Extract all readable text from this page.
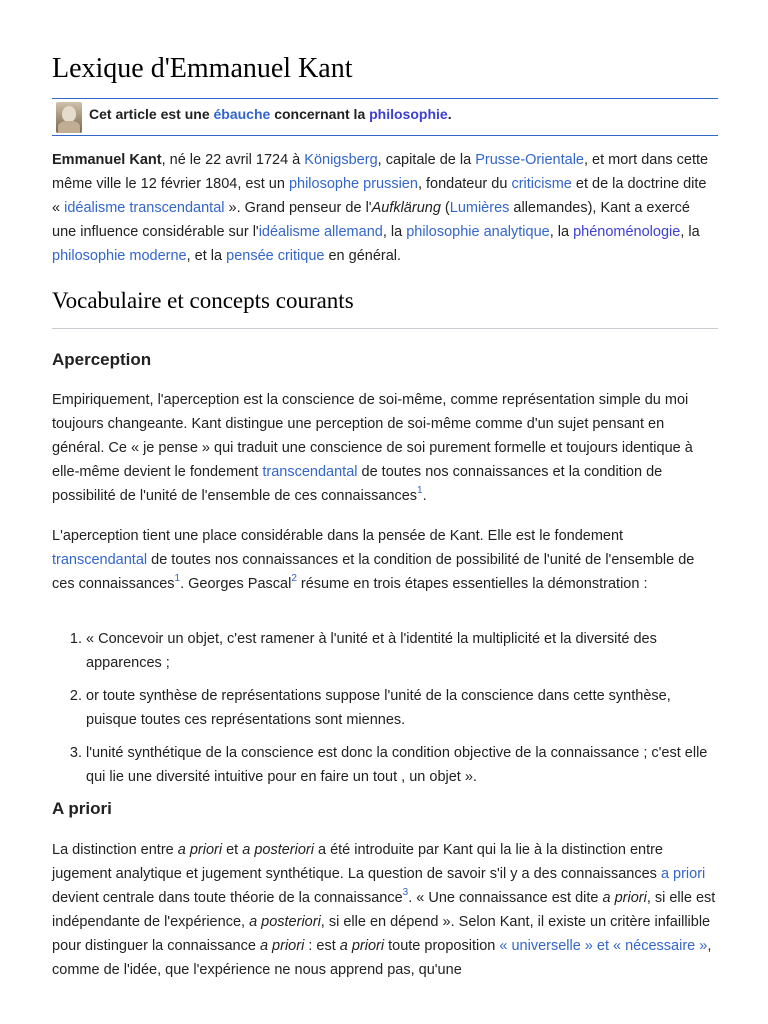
Lexique d'Emmanuel Kant
Cet article est une ébauche concernant la philosophie.

Emmanuel Kant, né le 22 avril 1724 à Königsberg, capitale de la Prusse-Orientale, et mort dans cette même ville le 12 février 1804, est un philosophe prussien, fondateur du criticisme et de la doctrine dite « idéalisme transcendantal ». Grand penseur de l'Aufklärung (Lumières allemandes), Kant a exercé une influence considérable sur l'idéalisme allemand, la philosophie analytique, la phénoménologie, la philosophie moderne, et la pensée critique en général.

Vocabulaire et concepts courants
Aperception

Empiriquement, l'aperception est la conscience de soi-même, comme représentation simple du moi toujours changeante. Kant distingue une perception de soi-même comme d'un sujet pensant en général. Ce « je pense » qui traduit une conscience de soi purement formelle et toujours identique à elle-même devient le fondement transcendantal de toutes nos connaissances et la condition de possibilité de l'unité de l'ensemble de ces connaissances$^1$.

L'aperception tient une place considérable dans la pensée de Kant. Elle est le fondement transcendantal de toutes nos connaissances et la condition de possibilité de l'unité de l'ensemble de ces connaissances$^1$. Georges Pascal$^2$ résume en trois étapes essentielles la démonstration :

1. « Concevoir un objet, c'est ramener à l'unité et à l'identité la multiplicité et la diversité des apparences ;
2. or toute synthèse de représentations suppose l'unité de la conscience dans cette synthèse, puisque toutes ces représentations sont miennes.
3. l'unité synthétique de la conscience est donc la condition objective de la connaissance ; c'est elle qui lie une diversité intuitive pour en faire un tout , un objet ».
A priori

La distinction entre a priori et a posteriori a été introduite par Kant qui la lie à la distinction entre jugement analytique et jugement synthétique. La question de savoir s'il y a des connaissances a priori devient centrale dans toute théorie de la connaissance$^3$. « Une connaissance est dite a priori, si elle est indépendante de l'expérience, a posteriori, si elle en dépend ». Selon Kant, il existe un critère infaillible pour distinguer la connaissance a priori : est a priori toute proposition « universelle » et « nécessaire », comme de l'idée, que l'expérience ne nous apprend pas, qu'une
